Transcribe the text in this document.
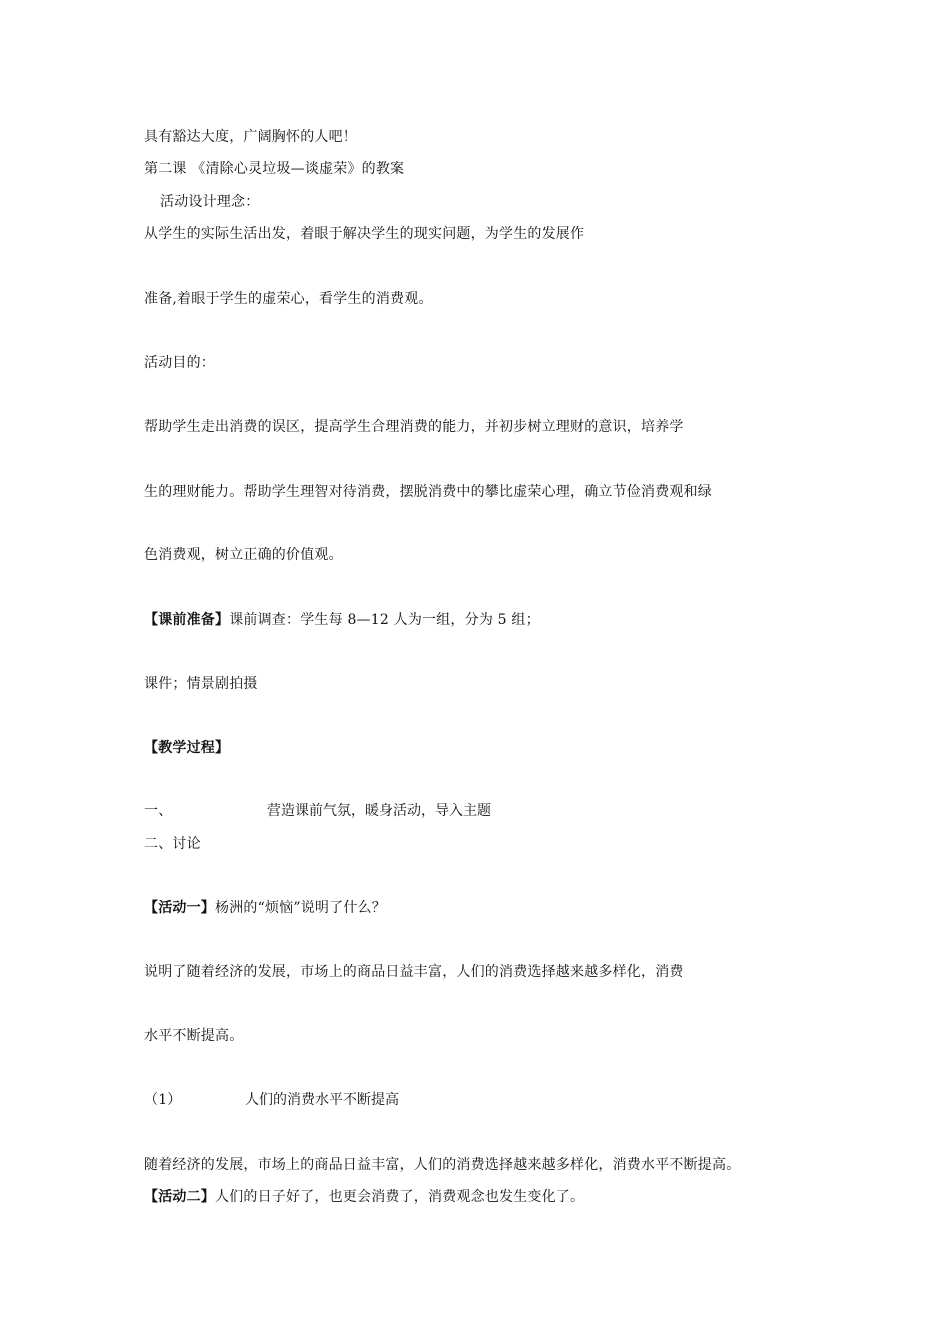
具有豁达大度，广阔胸怀的人吧！
第二课 《清除心灵垃圾—谈虚荣》的教案
活动设计理念：
从学生的实际生活出发，着眼于解决学生的现实问题，为学生的发展作
准备,着眼于学生的虚荣心，看学生的消费观。
活动目的：
帮助学生走出消费的误区，提高学生合理消费的能力，并初步树立理财的意识，培养学
生的理财能力。帮助学生理智对待消费，摆脱消费中的攀比虚荣心理，确立节俭消费观和绿
色消费观，树立正确的价值观。
【课前准备】课前调查：学生每 8—12 人为一组，分为 5 组；
课件；情景剧拍摄
【教学过程】
一、	营造课前气氛，暖身活动，导入主题
二、讨论
【活动一】杨洲的“烦恼”说明了什么？
说明了随着经济的发展，市场上的商品日益丰富，人们的消费选择越来越多样化，消费
水平不断提高。
（1）	人们的消费水平不断提高
随着经济的发展，市场上的商品日益丰富，人们的消费选择越来越多样化，消费水平不断提高。
【活动二】人们的日子好了，也更会消费了，消费观念也发生变化了。
